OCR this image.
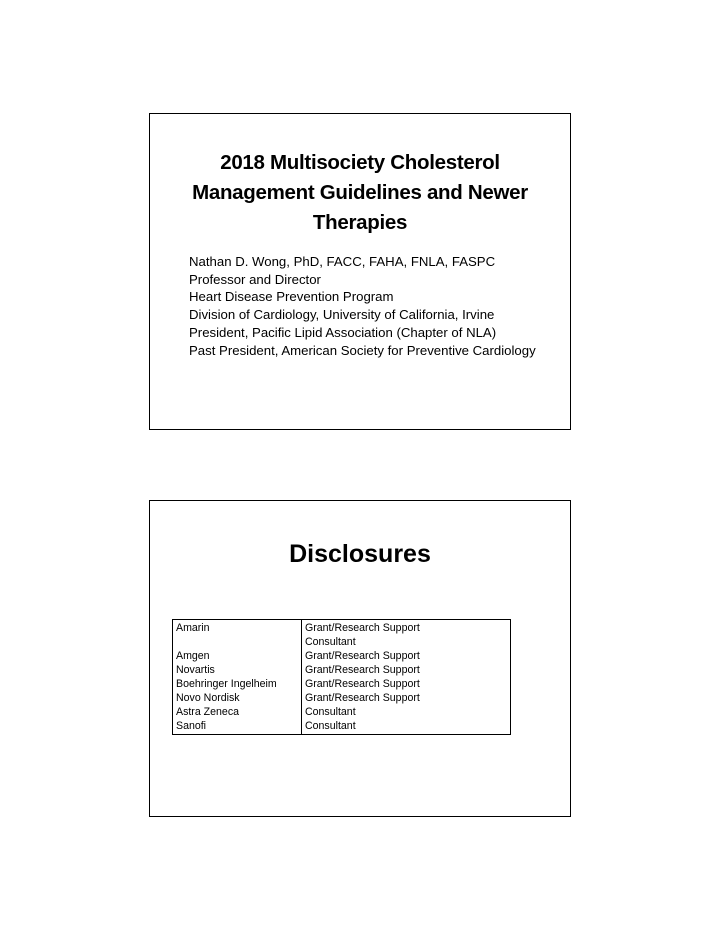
2018 Multisociety Cholesterol
Management Guidelines and Newer
Therapies
Nathan D. Wong, PhD, FACC, FAHA, FNLA, FASPC
Professor and Director
Heart Disease Prevention Program
Division of Cardiology, University of California, Irvine
President, Pacific Lipid Association (Chapter of NLA)
Past President, American Society for Preventive Cardiology
Disclosures
Amarin	Grant/Research Support
	Consultant
Amgen	Grant/Research Support
Novartis	Grant/Research Support
Boehringer Ingelheim	Grant/Research Support
Novo Nordisk	Grant/Research Support
Astra Zeneca	Consultant
Sanofi	Consultant
